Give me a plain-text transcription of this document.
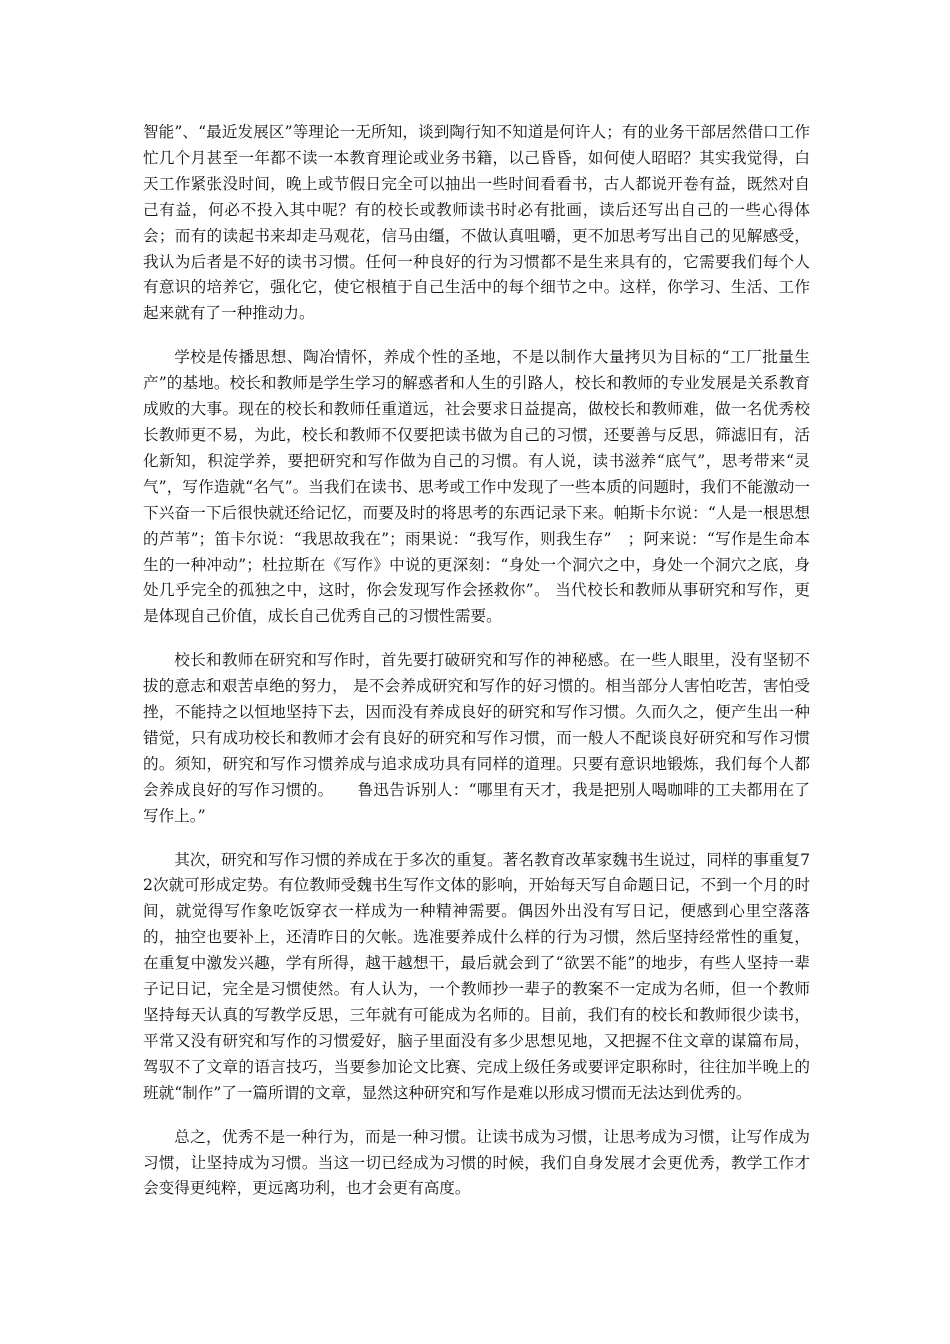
智能”、“最近发展区”等理论一无所知，谈到陶行知不知道是何许人；有的业务干部居然借口工作忙几个月甚至一年都不读一本教育理论或业务书籍，以己昏昏，如何使人昭昭？其实我觉得，白天工作紧张没时间，晚上或节假日完全可以抽出一些时间看看书，古人都说开卷有益，既然对自己有益，何必不投入其中呢？有的校长或教师读书时必有批画，读后还写出自己的一些心得体会；而有的读起书来却走马观花，信马由缰，不做认真咀嚼，更不加思考写出自己的见解感受，我认为后者是不好的读书习惯。任何一种良好的行为习惯都不是生来具有的，它需要我们每个人有意识的培养它，强化它，使它根植于自己生活中的每个细节之中。这样，你学习、生活、工作起来就有了一种推动力。

学校是传播思想、陶冶情怀，养成个性的圣地，不是以制作大量拷贝为目标的“工厂批量生产”的基地。校长和教师是学生学习的解惑者和人生的引路人，校长和教师的专业发展是关系教育成败的大事。现在的校长和教师任重道远，社会要求日益提高，做校长和教师难，做一名优秀校长教师更不易，为此，校长和教师不仅要把读书做为自己的习惯，还要善与反思，筛滤旧有，活化新知，积淀学养，要把研究和写作做为自己的习惯。有人说，读书滋养“底气”，思考带来“灵气”，写作造就“名气”。当我们在读书、思考或工作中发现了一些本质的问题时，我们不能激动一下兴奋一下后很快就还给记忆，而要及时的将思考的东西记录下来。帕斯卡尔说：“人是一根思想的芦苇”；笛卡尔说：“我思故我在”；雨果说：“我写作，则我生存”　；阿来说：“写作是生命本生的一种冲动”；杜拉斯在《写作》中说的更深刻：“身处一个洞穴之中，身处一个洞穴之底，身处几乎完全的孤独之中，这时，你会发现写作会拯救你”。 当代校长和教师从事研究和写作，更是体现自己价值，成长自己优秀自己的习惯性需要。

校长和教师在研究和写作时，首先要打破研究和写作的神秘感。在一些人眼里，没有坚韧不拔的意志和艰苦卓绝的努力， 是不会养成研究和写作的好习惯的。相当部分人害怕吃苦，害怕受挫，不能持之以恒地坚持下去，因而没有养成良好的研究和写作习惯。久而久之，便产生出一种错觉，只有成功校长和教师才会有良好的研究和写作习惯，而一般人不配谈良好研究和写作习惯的。须知，研究和写作习惯养成与追求成功具有同样的道理。只要有意识地锻炼，我们每个人都会养成良好的写作习惯的。　　鲁迅告诉别人：“哪里有天才，我是把别人喝咖啡的工夫都用在了写作上。”

其次，研究和写作习惯的养成在于多次的重复。著名教育改革家魏书生说过，同样的事重复72次就可形成定势。有位教师受魏书生写作文体的影响，开始每天写自命题日记，不到一个月的时间，就觉得写作象吃饭穿衣一样成为一种精神需要。偶因外出没有写日记，便感到心里空落落的，抽空也要补上，还清昨日的欠帐。选准要养成什么样的行为习惯，然后坚持经常性的重复，在重复中激发兴趣，学有所得，越干越想干，最后就会到了“欲罢不能”的地步，有些人坚持一辈子记日记，完全是习惯使然。有人认为，一个教师抄一辈子的教案不一定成为名师，但一个教师坚持每天认真的写教学反思，三年就有可能成为名师的。目前，我们有的校长和教师很少读书，平常又没有研究和写作的习惯爱好，脑子里面没有多少思想见地，又把握不住文章的谋篇布局，驾驭不了文章的语言技巧，当要参加论文比赛、完成上级任务或要评定职称时，往往加半晚上的班就“制作”了一篇所谓的文章，显然这种研究和写作是难以形成习惯而无法达到优秀的。

总之，优秀不是一种行为，而是一种习惯。让读书成为习惯，让思考成为习惯，让写作成为习惯，让坚持成为习惯。当这一切已经成为习惯的时候，我们自身发展才会更优秀，教学工作才会变得更纯粹，更远离功利，也才会更有高度。
